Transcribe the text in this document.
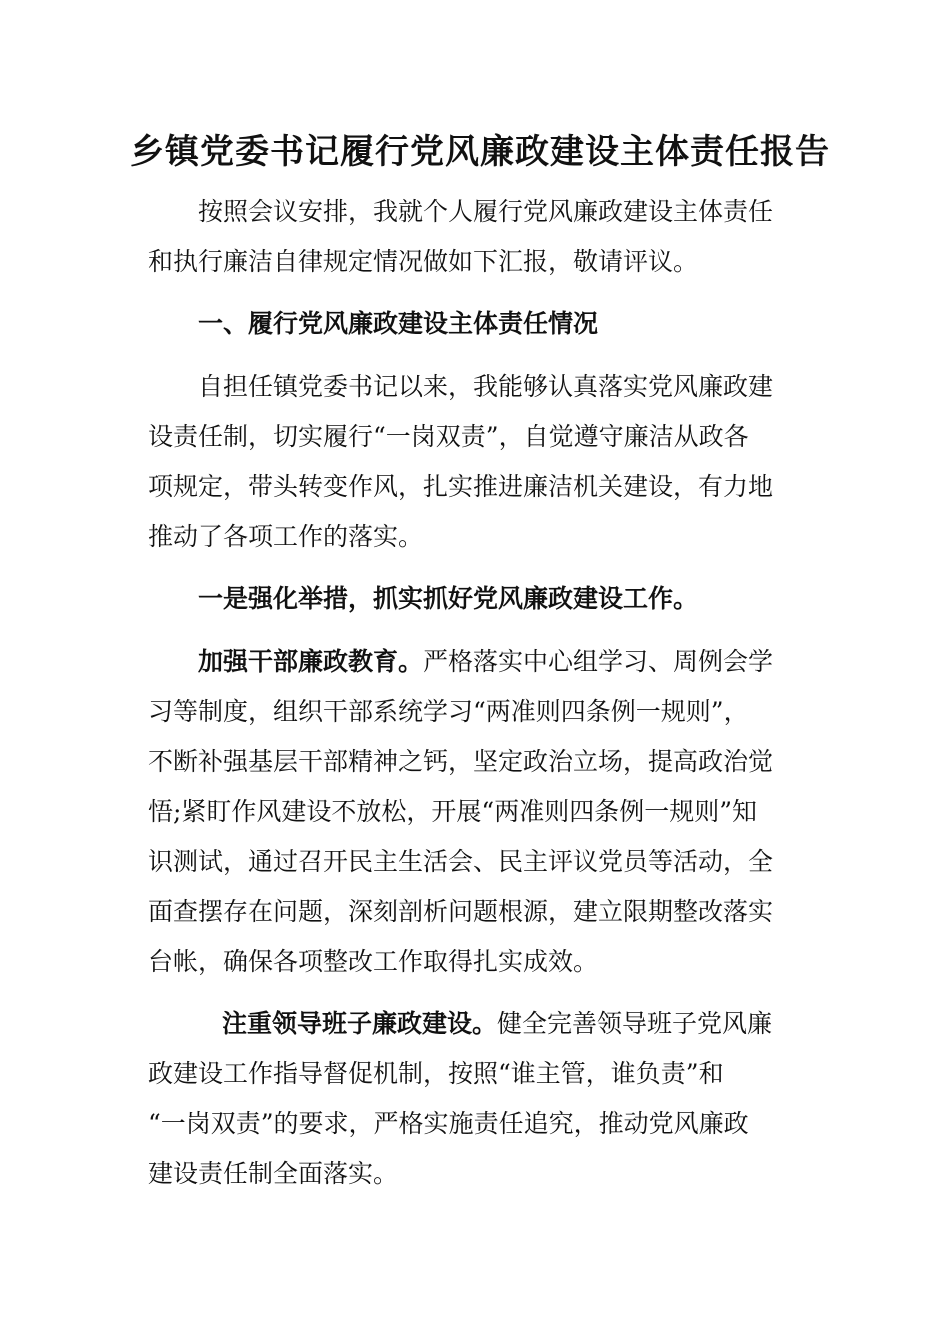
乡镇党委书记履行党风廉政建设主体责任报告
按照会议安排，我就个人履行党风廉政建设主体责任
和执行廉洁自律规定情况做如下汇报，敬请评议。
一、履行党风廉政建设主体责任情况
自担任镇党委书记以来，我能够认真落实党风廉政建
设责任制，切实履行“一岗双责”，自觉遵守廉洁从政各
项规定，带头转变作风，扎实推进廉洁机关建设，有力地
推动了各项工作的落实。
一是强化举措，抓实抓好党风廉政建设工作。
加强干部廉政教育。严格落实中心组学习、周例会学
习等制度，组织干部系统学习“两准则四条例一规则”，
不断补强基层干部精神之钙，坚定政治立场，提高政治觉
悟;紧盯作风建设不放松，开展“两准则四条例一规则”知
识测试，通过召开民主生活会、民主评议党员等活动，全
面查摆存在问题，深刻剖析问题根源，建立限期整改落实
台帐，确保各项整改工作取得扎实成效。
注重领导班子廉政建设。健全完善领导班子党风廉
政建设工作指导督促机制，按照“谁主管，谁负责”和
“一岗双责”的要求，严格实施责任追究，推动党风廉政
建设责任制全面落实。
